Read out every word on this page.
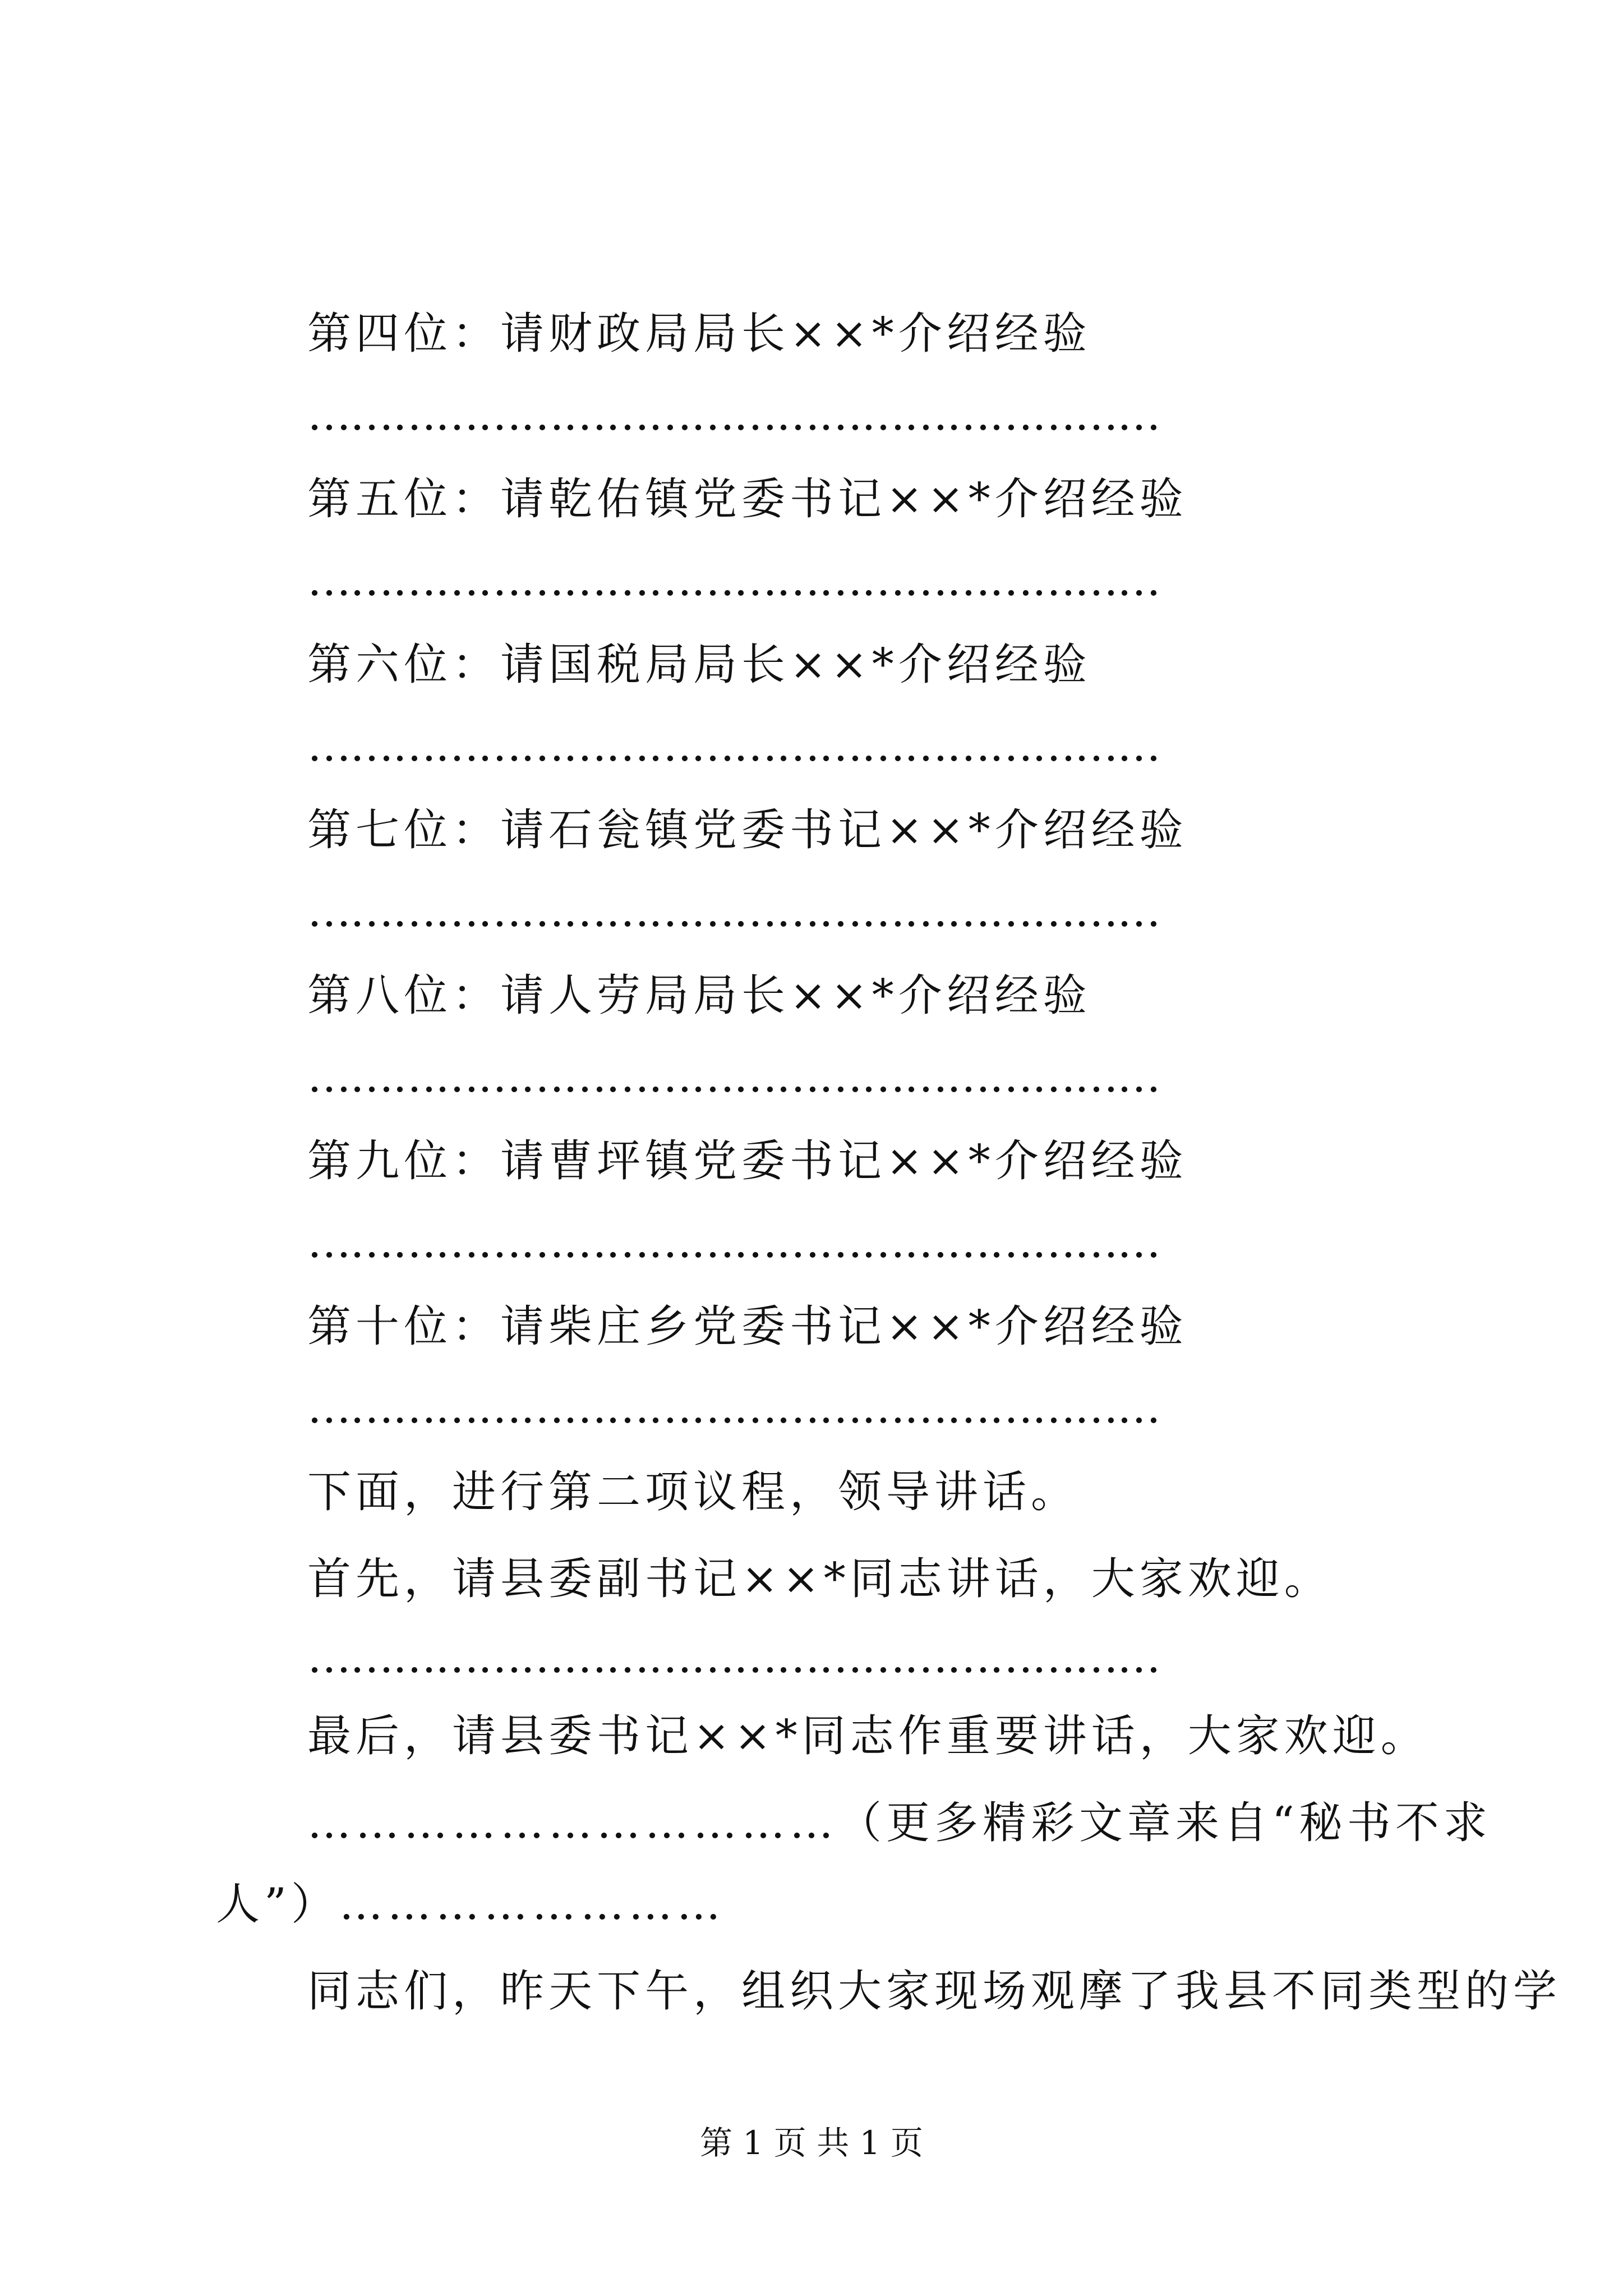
第四位：请财政局局长××*介绍经验
……………………………………………………
第五位：请乾佑镇党委书记××*介绍经验
……………………………………………………
第六位：请国税局局长××*介绍经验
……………………………………………………
第七位：请石瓮镇党委书记××*介绍经验
……………………………………………………
第八位：请人劳局局长××*介绍经验
……………………………………………………
第九位：请曹坪镇党委书记××*介绍经验
……………………………………………………
第十位：请柴庄乡党委书记××*介绍经验
……………………………………………………
下面，进行第二项议程，领导讲话。
首先，请县委副书记××*同志讲话，大家欢迎。
……………………………………………………
最后，请县委书记××*同志作重要讲话，大家欢迎。
……………………………（更多精彩文章来自“秘书不求
人”）……………………
同志们，昨天下午，组织大家现场观摩了我县不同类型的学
第 1 页 共 1 页
